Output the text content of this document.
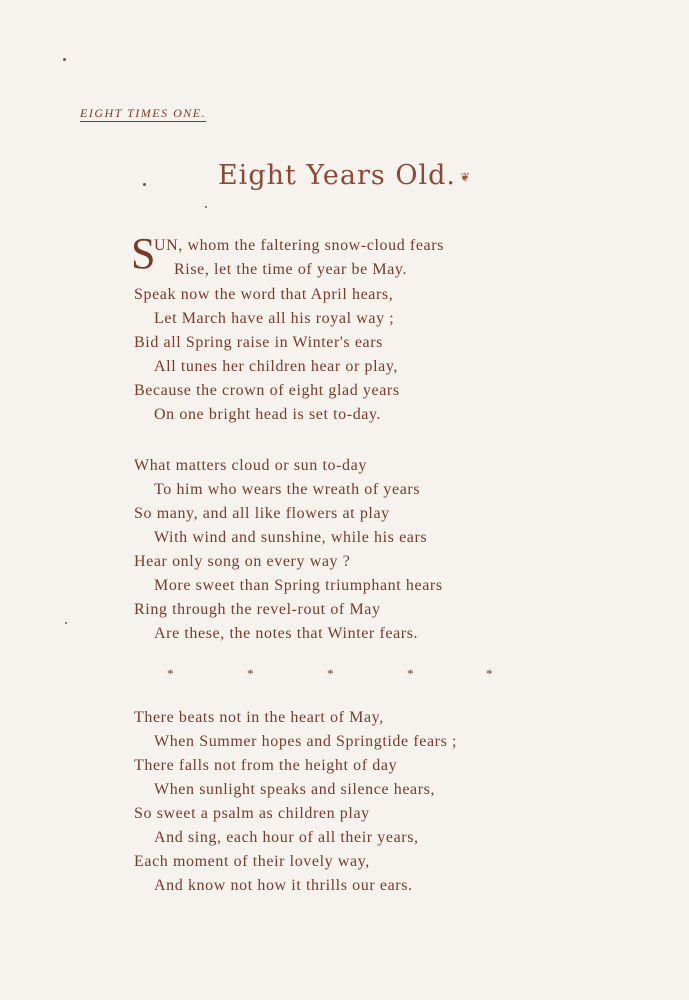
EIGHT TIMES ONE.
Eight Years Old. ❦
S
UN, whom the faltering snow-cloud fears
Rise, let the time of year be May.
Speak now the word that April hears,
Let March have all his royal way ;
Bid all Spring raise in Winter's ears
All tunes her children hear or play,
Because the crown of eight glad years
On one bright head is set to-day.
What matters cloud or sun to-day
To him who wears the wreath of years
So many, and all like flowers at play
With wind and sunshine, while his ears
Hear only song on every way ?
More sweet than Spring triumphant hears
Ring through the revel-rout of May
Are these, the notes that Winter fears.
*	*	*	*	*
There beats not in the heart of May,
When Summer hopes and Springtide fears ;
There falls not from the height of day
When sunlight speaks and silence hears,
So sweet a psalm as children play
And sing, each hour of all their years,
Each moment of their lovely way,
And know not how it thrills our ears.
